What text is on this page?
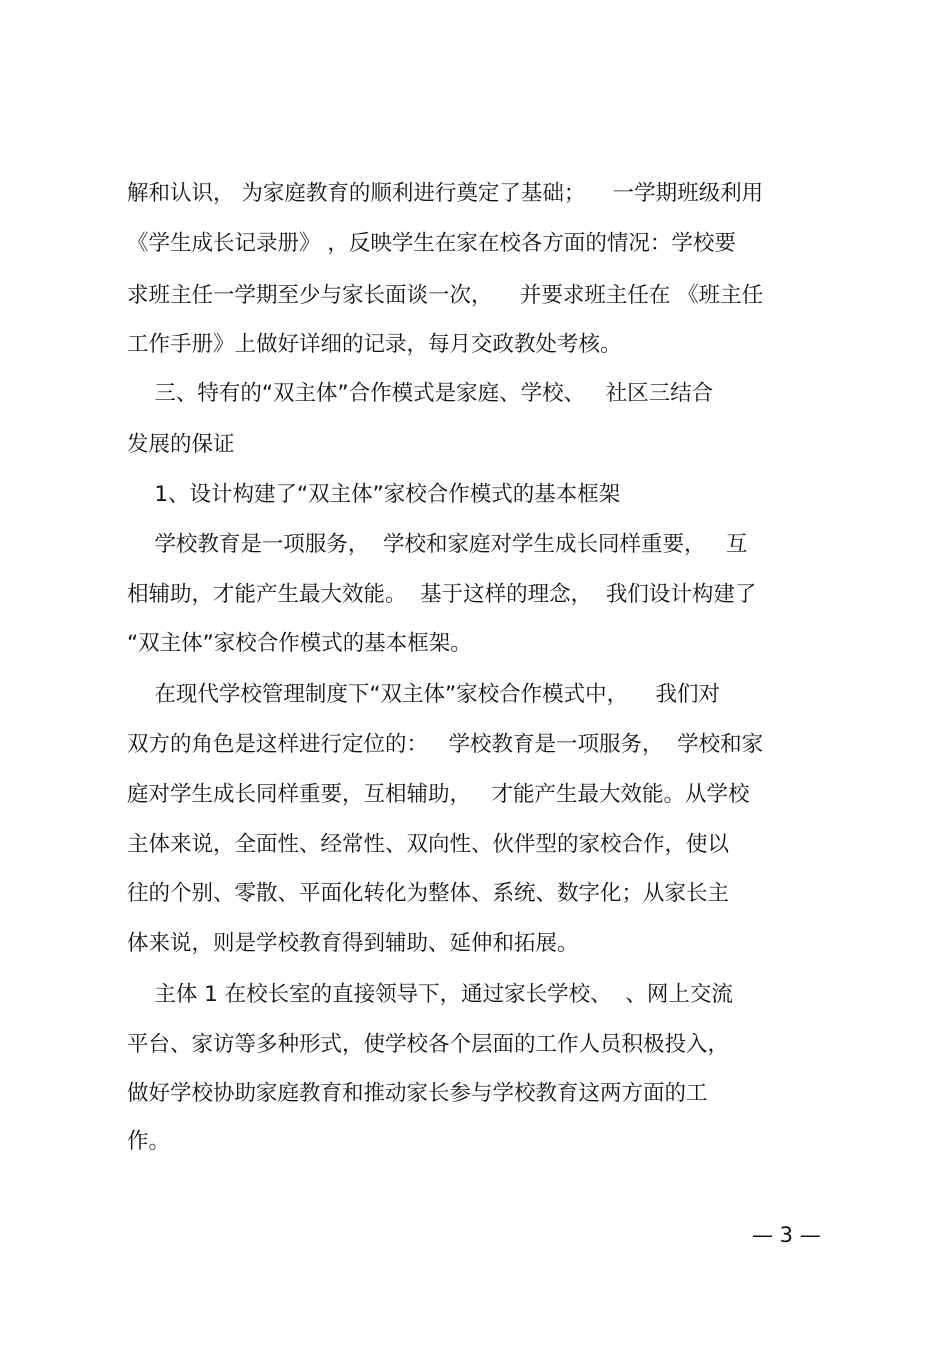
解和认识， 为家庭教育的顺利进行奠定了基础；    一学期班级利用

《学生成长记录册》 ，反映学生在家在校各方面的情况：学校要

求班主任一学期至少与家长面谈一次，    并要求班主任在 《班主任

工作手册》上做好详细的记录，每月交政教处考核。

三、特有的“双主体”合作模式是家庭、学校、   社区三结合

发展的保证

1、设计构建了“双主体”家校合作模式的基本框架

学校教育是一项服务，  学校和家庭对学生成长同样重要，   互

相辅助，才能产生最大效能。  基于这样的理念，  我们设计构建了

“双主体”家校合作模式的基本框架。

在现代学校管理制度下“双主体”家校合作模式中，    我们对

双方的角色是这样进行定位的：   学校教育是一项服务，  学校和家

庭对学生成长同样重要，互相辅助，   才能产生最大效能。从学校

主体来说，全面性、经常性、双向性、伙伴型的家校合作，使以

往的个别、零散、平面化转化为整体、系统、数字化；从家长主

体来说，则是学校教育得到辅助、延伸和拓展。

主体 1 在校长室的直接领导下，通过家长学校、  、网上交流

平台、家访等多种形式，使学校各个层面的工作人员积极投入，

做好学校协助家庭教育和推动家长参与学校教育这两方面的工

作。

— 3 —
